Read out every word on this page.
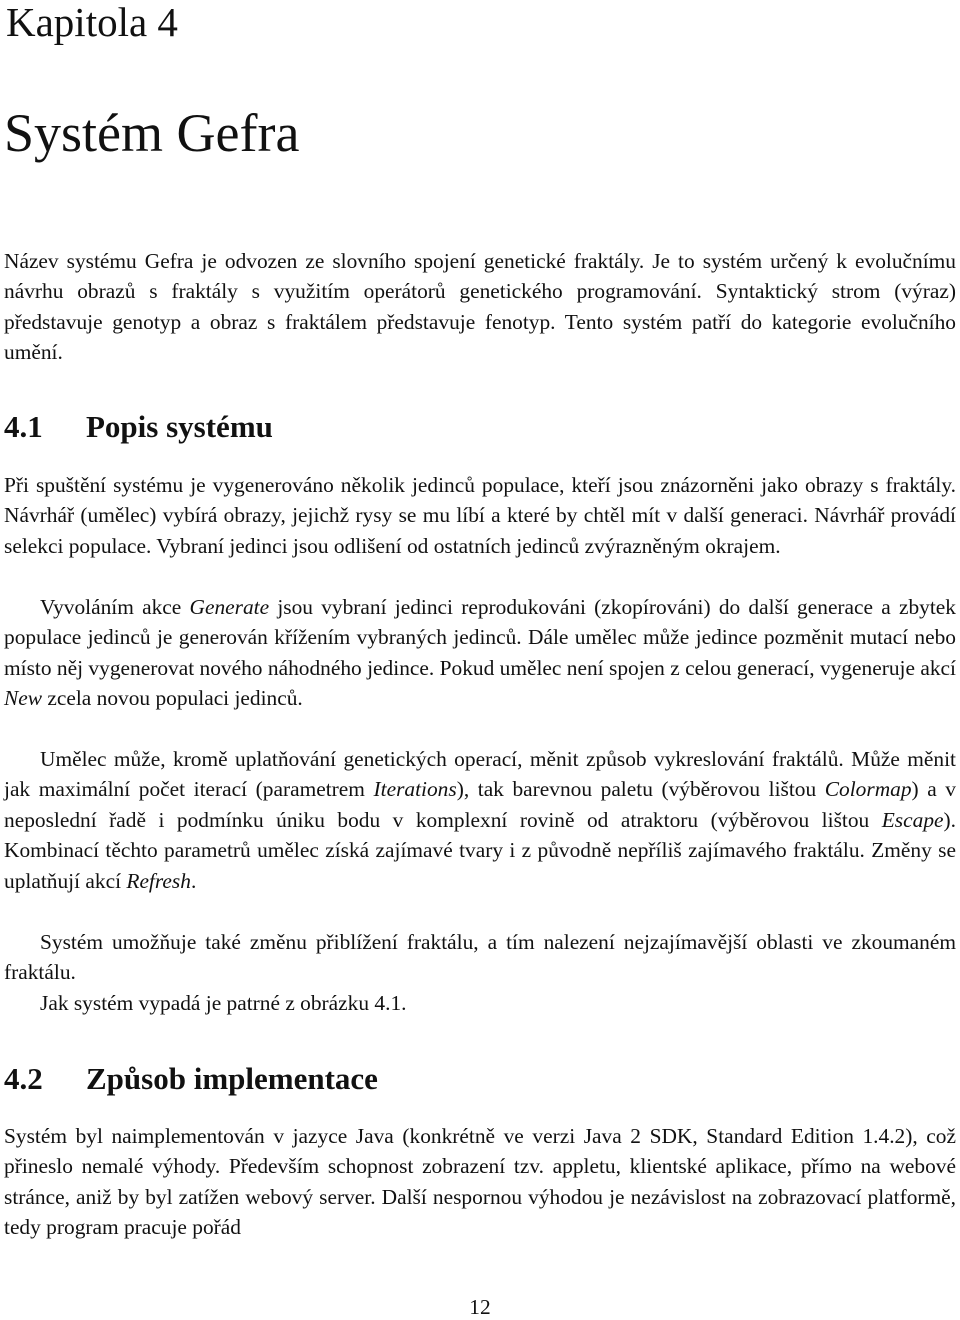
Kapitola 4
Systém Gefra

Název systému Gefra je odvozen ze slovního spojení genetické fraktály. Je to systém určený k evolučnímu návrhu obrazů s fraktály s využitím operátorů genetického programování. Syntaktický strom (výraz) představuje genotyp a obraz s fraktálem představuje fenotyp. Tento systém patří do kategorie evolučního umění.

4.1 Popis systému

Při spuštění systému je vygenerováno několik jedinců populace, kteří jsou znázorněni jako obrazy s fraktály. Návrhář (umělec) vybírá obrazy, jejichž rysy se mu líbí a které by chtěl mít v další generaci. Návrhář provádí selekci populace. Vybraní jedinci jsou odlišení od ostatních jedinců zvýrazněným okrajem.

Vyvoláním akce Generate jsou vybraní jedinci reprodukováni (zkopírováni) do další generace a zbytek populace jedinců je generován křížením vybraných jedinců. Dále umělec může jedince pozměnit mutací nebo místo něj vygenerovat nového náhodného jedince. Pokud umělec není spojen z celou generací, vygeneruje akcí New zcela novou populaci jedinců.

Umělec může, kromě uplatňování genetických operací, měnit způsob vykreslování fraktálů. Může měnit jak maximální počet iterací (parametrem Iterations), tak barevnou paletu (výběrovou lištou Colormap) a v neposlední řadě i podmínku úniku bodu v komplexní rovině od atraktoru (výběrovou lištou Escape). Kombinací těchto parametrů umělec získá zajímavé tvary i z původně nepříliš zajímavého fraktálu. Změny se uplatňují akcí Refresh.

Systém umožňuje také změnu přiblížení fraktálu, a tím nalezení nejzajímavější oblasti ve zkoumaném fraktálu.

Jak systém vypadá je patrné z obrázku 4.1.

4.2 Způsob implementace

Systém byl naimplementován v jazyce Java (konkrétně ve verzi Java 2 SDK, Standard Edition 1.4.2), což přineslo nemalé výhody. Především schopnost zobrazení tzv. appletu, klientské aplikace, přímo na webové stránce, aniž by byl zatížen webový server. Další nespornou výhodou je nezávislost na zobrazovací platformě, tedy program pracuje pořád

12
